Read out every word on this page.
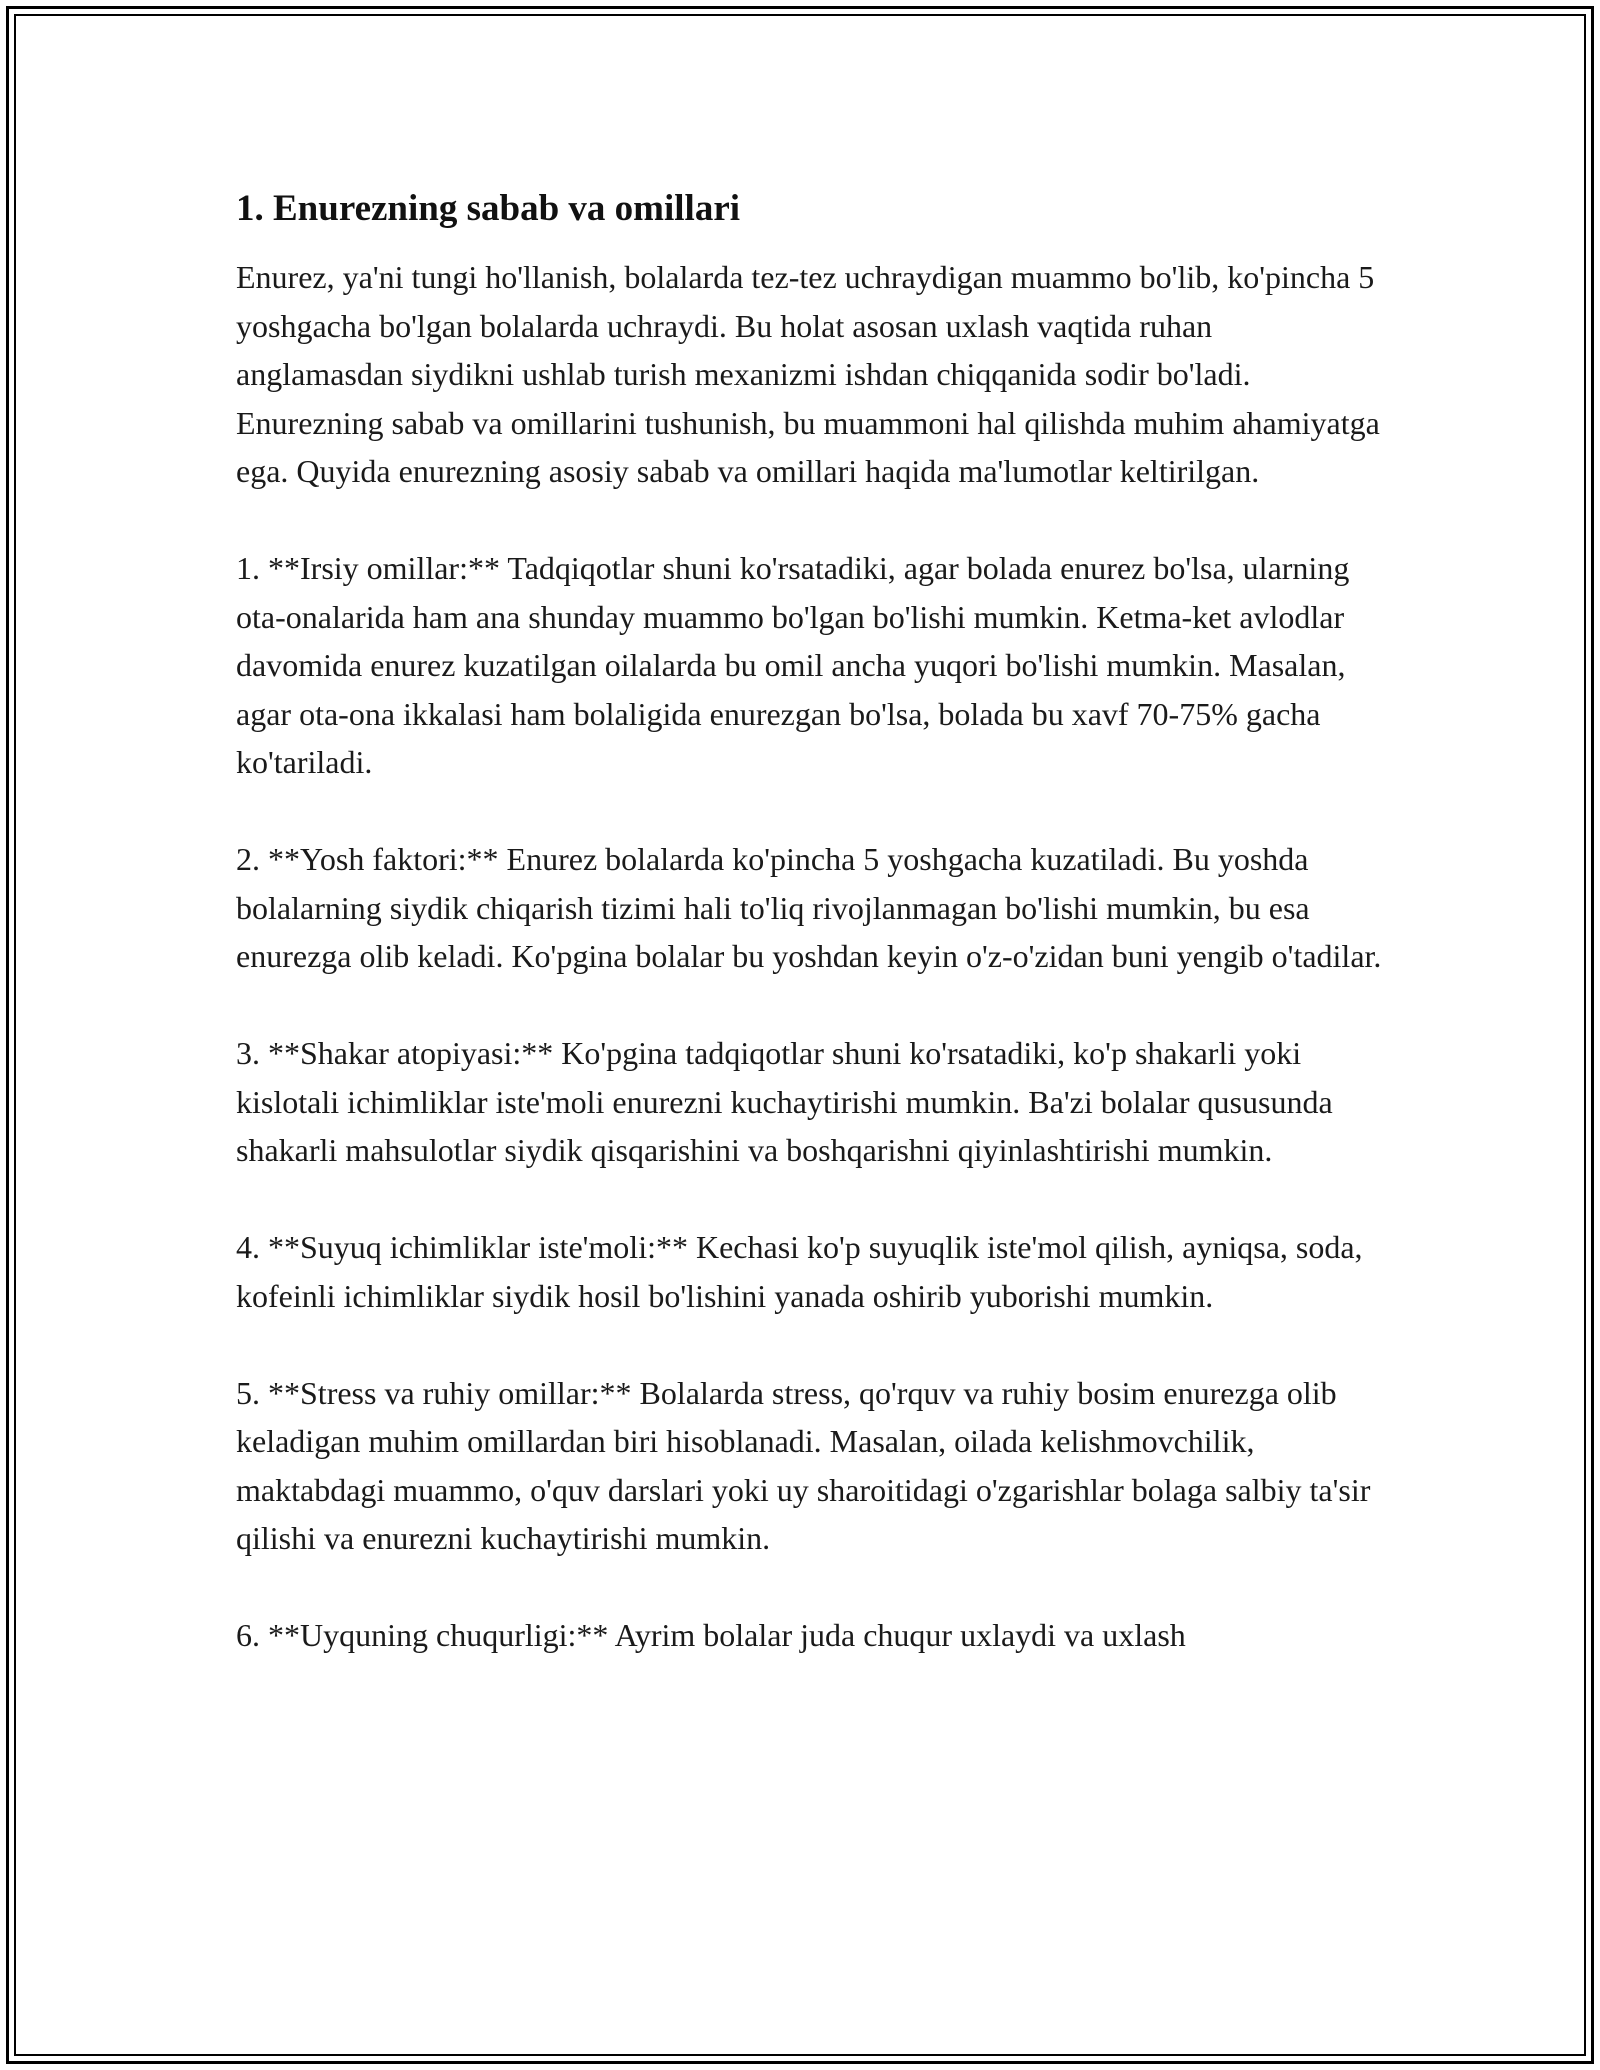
1. Enurezning sabab va omillari

Enurez, ya'ni tungi ho'llanish, bolalarda tez-tez uchraydigan muammo bo'lib, ko'pincha 5 yoshgacha bo'lgan bolalarda uchraydi. Bu holat asosan uxlash vaqtida ruhan anglamasdan siydikni ushlab turish mexanizmi ishdan chiqqanida sodir bo'ladi. Enurezning sabab va omillarini tushunish, bu muammoni hal qilishda muhim ahamiyatga ega. Quyida enurezning asosiy sabab va omillari haqida ma'lumotlar keltirilgan.

1. **Irsiy omillar:** Tadqiqotlar shuni ko'rsatadiki, agar bolada enurez bo'lsa, ularning ota-onalarida ham ana shunday muammo bo'lgan bo'lishi mumkin. Ketma-ket avlodlar davomida enurez kuzatilgan oilalarda bu omil ancha yuqori bo'lishi mumkin. Masalan, agar ota-ona ikkalasi ham bolaligida enurezgan bo'lsa, bolada bu xavf 70-75% gacha ko'tariladi.

2. **Yosh faktori:** Enurez bolalarda ko'pincha 5 yoshgacha kuzatiladi. Bu yoshda bolalarning siydik chiqarish tizimi hali to'liq rivojlanmagan bo'lishi mumkin, bu esa enurezga olib keladi. Ko'pgina bolalar bu yoshdan keyin o'z-o'zidan buni yengib o'tadilar.

3. **Shakar atopiyasi:** Ko'pgina tadqiqotlar shuni ko'rsatadiki, ko'p shakarli yoki kislotali ichimliklar iste'moli enurezni kuchaytirishi mumkin. Ba'zi bolalar qususunda shakarli mahsulotlar siydik qisqarishini va boshqarishni qiyinlashtirishi mumkin.

4. **Suyuq ichimliklar iste'moli:** Kechasi ko'p suyuqlik iste'mol qilish, ayniqsa, soda, kofeinli ichimliklar siydik hosil bo'lishini yanada oshirib yuborishi mumkin.

5. **Stress va ruhiy omillar:** Bolalarda stress, qo'rquv va ruhiy bosim enurezga olib keladigan muhim omillardan biri hisoblanadi. Masalan, oilada kelishmovchilik, maktabdagi muammo, o'quv darslari yoki uy sharoitidagi o'zgarishlar bolaga salbiy ta'sir qilishi va enurezni kuchaytirishi mumkin.

6. **Uyquning chuqurligi:** Ayrim bolalar juda chuqur uxlaydi va uxlash
